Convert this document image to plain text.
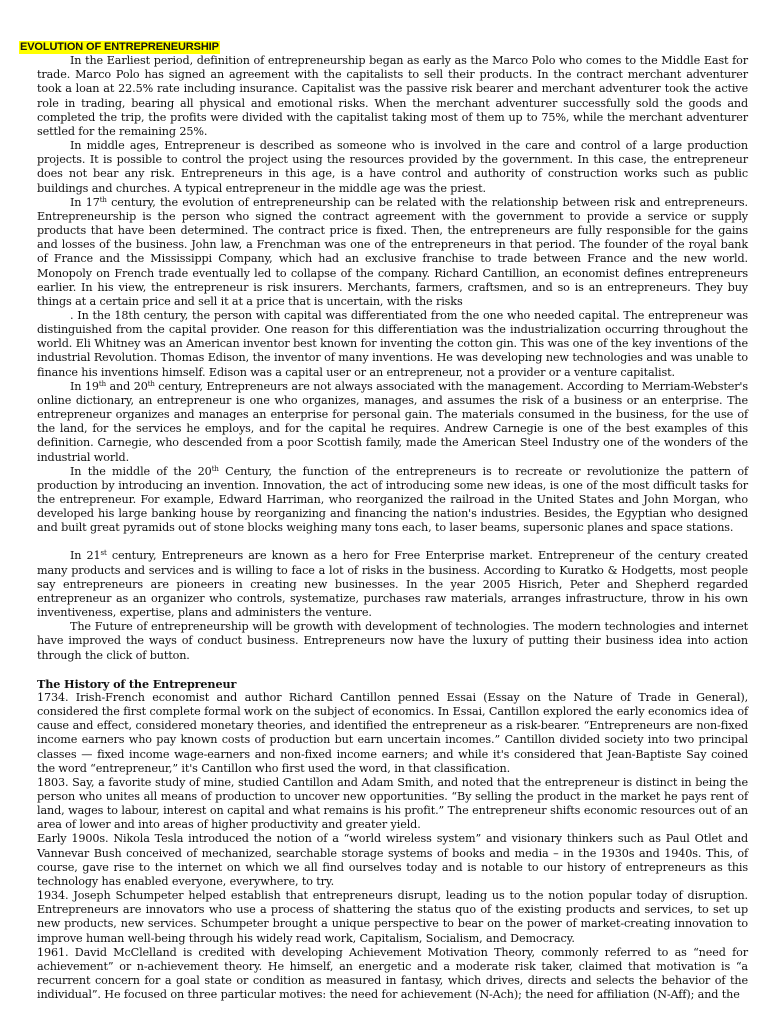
EVOLUTION OF ENTREPRENEURSHIP

In the Earliest period, definition of entrepreneurship began as early as the Marco Polo who comes to the Middle East for trade. Marco Polo has signed an agreement with the capitalists to sell their products. In the contract merchant adventurer took a loan at 22.5% rate including insurance. Capitalist was the passive risk bearer and merchant adventurer took the active role in trading, bearing all physical and emotional risks. When the merchant adventurer successfully sold the goods and completed the trip, the profits were divided with the capitalist taking most of them up to 75%, while the merchant adventurer settled for the remaining 25%.

In middle ages, Entrepreneur is described as someone who is involved in the care and control of a large production projects. It is possible to control the project using the resources provided by the government. In this case, the entrepreneur does not bear any risk. Entrepreneurs in this age, is a have control and authority of construction works such as public buildings and churches. A typical entrepreneur in the middle age was the priest.

In 17th century, the evolution of entrepreneurship can be related with the relationship between risk and entrepreneurs. Entrepreneurship is the person who signed the contract agreement with the government to provide a service or supply products that have been determined. The contract price is fixed. Then, the entrepreneurs are fully responsible for the gains and losses of the business. John law, a Frenchman was one of the entrepreneurs in that period. The founder of the royal bank of France and the Mississippi Company, which had an exclusive franchise to trade between France and the new world. Monopoly on French trade eventually led to collapse of the company. Richard Cantillion, an economist defines entrepreneurs earlier. In his view, the entrepreneur is risk insurers. Merchants, farmers, craftsmen, and so is an entrepreneurs. They buy things at a certain price and sell it at a price that is uncertain, with the risks

. In the 18th century, the person with capital was differentiated from the one who needed capital. The entrepreneur was distinguished from the capital provider. One reason for this differentiation was the industrialization occurring throughout the world. Eli Whitney was an American inventor best known for inventing the cotton gin. This was one of the key inventions of the industrial Revolution. Thomas Edison, the inventor of many inventions. He was developing new technologies and was unable to finance his inventions himself. Edison was a capital user or an entrepreneur, not a provider or a venture capitalist.

In 19th and 20th century, Entrepreneurs are not always associated with the management. According to Merriam-Webster's online dictionary, an entrepreneur is one who organizes, manages, and assumes the risk of a business or an enterprise. The entrepreneur organizes and manages an enterprise for personal gain. The materials consumed in the business, for the use of the land, for the services he employs, and for the capital he requires. Andrew Carnegie is one of the best examples of this definition. Carnegie, who descended from a poor Scottish family, made the American Steel Industry one of the wonders of the industrial world.

In the middle of the 20th Century, the function of the entrepreneurs is to recreate or revolutionize the pattern of production by introducing an invention. Innovation, the act of introducing some new ideas, is one of the most difficult tasks for the entrepreneur. For example, Edward Harriman, who reorganized the railroad in the United States and John Morgan, who developed his large banking house by reorganizing and financing the nation's industries. Besides, the Egyptian who designed and built great pyramids out of stone blocks weighing many tons each, to laser beams, supersonic planes and space stations.

In 21st century, Entrepreneurs are known as a hero for Free Enterprise market. Entrepreneur of the century created many products and services and is willing to face a lot of risks in the business. According to Kuratko & Hodgetts, most people say entrepreneurs are pioneers in creating new businesses. In the year 2005 Hisrich, Peter and Shepherd regarded entrepreneur as an organizer who controls, systematize, purchases raw materials, arranges infrastructure, throw in his own inventiveness, expertise, plans and administers the venture.

The Future of entrepreneurship will be growth with development of technologies. The modern technologies and internet have improved the ways of conduct business. Entrepreneurs now have the luxury of putting their business idea into action through the click of button.

The History of the Entrepreneur

1734. Irish-French economist and author Richard Cantillon penned Essai (Essay on the Nature of Trade in General), considered the first complete formal work on the subject of economics. In Essai, Cantillon explored the early economics idea of cause and effect, considered monetary theories, and identified the entrepreneur as a risk-bearer. “Entrepreneurs are non-fixed income earners who pay known costs of production but earn uncertain incomes.” Cantillon divided society into two principal classes — fixed income wage-earners and non-fixed income earners; and while it's considered that Jean-Baptiste Say coined the word “entrepreneur,” it's Cantillon who first used the word, in that classification.

1803. Say, a favorite study of mine, studied Cantillon and Adam Smith, and noted that the entrepreneur is distinct in being the person who unites all means of production to uncover new opportunities. “By selling the product in the market he pays rent of land, wages to labour, interest on capital and what remains is his profit.” The entrepreneur shifts economic resources out of an area of lower and into areas of higher productivity and greater yield.

Early 1900s. Nikola Tesla introduced the notion of a “world wireless system” and visionary thinkers such as Paul Otlet and Vannevar Bush conceived of mechanized, searchable storage systems of books and media – in the 1930s and 1940s. This, of course, gave rise to the internet on which we all find ourselves today and is notable to our history of entrepreneurs as this technology has enabled everyone, everywhere, to try.

1934. Joseph Schumpeter helped establish that entrepreneurs disrupt, leading us to the notion popular today of disruption. Entrepreneurs are innovators who use a process of shattering the status quo of the existing products and services, to set up new products, new services. Schumpeter brought a unique perspective to bear on the power of market-creating innovation to improve human well-being through his widely read work, Capitalism, Socialism, and Democracy.

1961. David McClelland is credited with developing Achievement Motivation Theory, commonly referred to as “need for achievement” or n-achievement theory. He himself, an energetic and a moderate risk taker, claimed that motivation is “a recurrent concern for a goal state or condition as measured in fantasy, which drives, directs and selects the behavior of the individual”. He focused on three particular motives: the need for achievement (N-Ach); the need for affiliation (N-Aff); and the
